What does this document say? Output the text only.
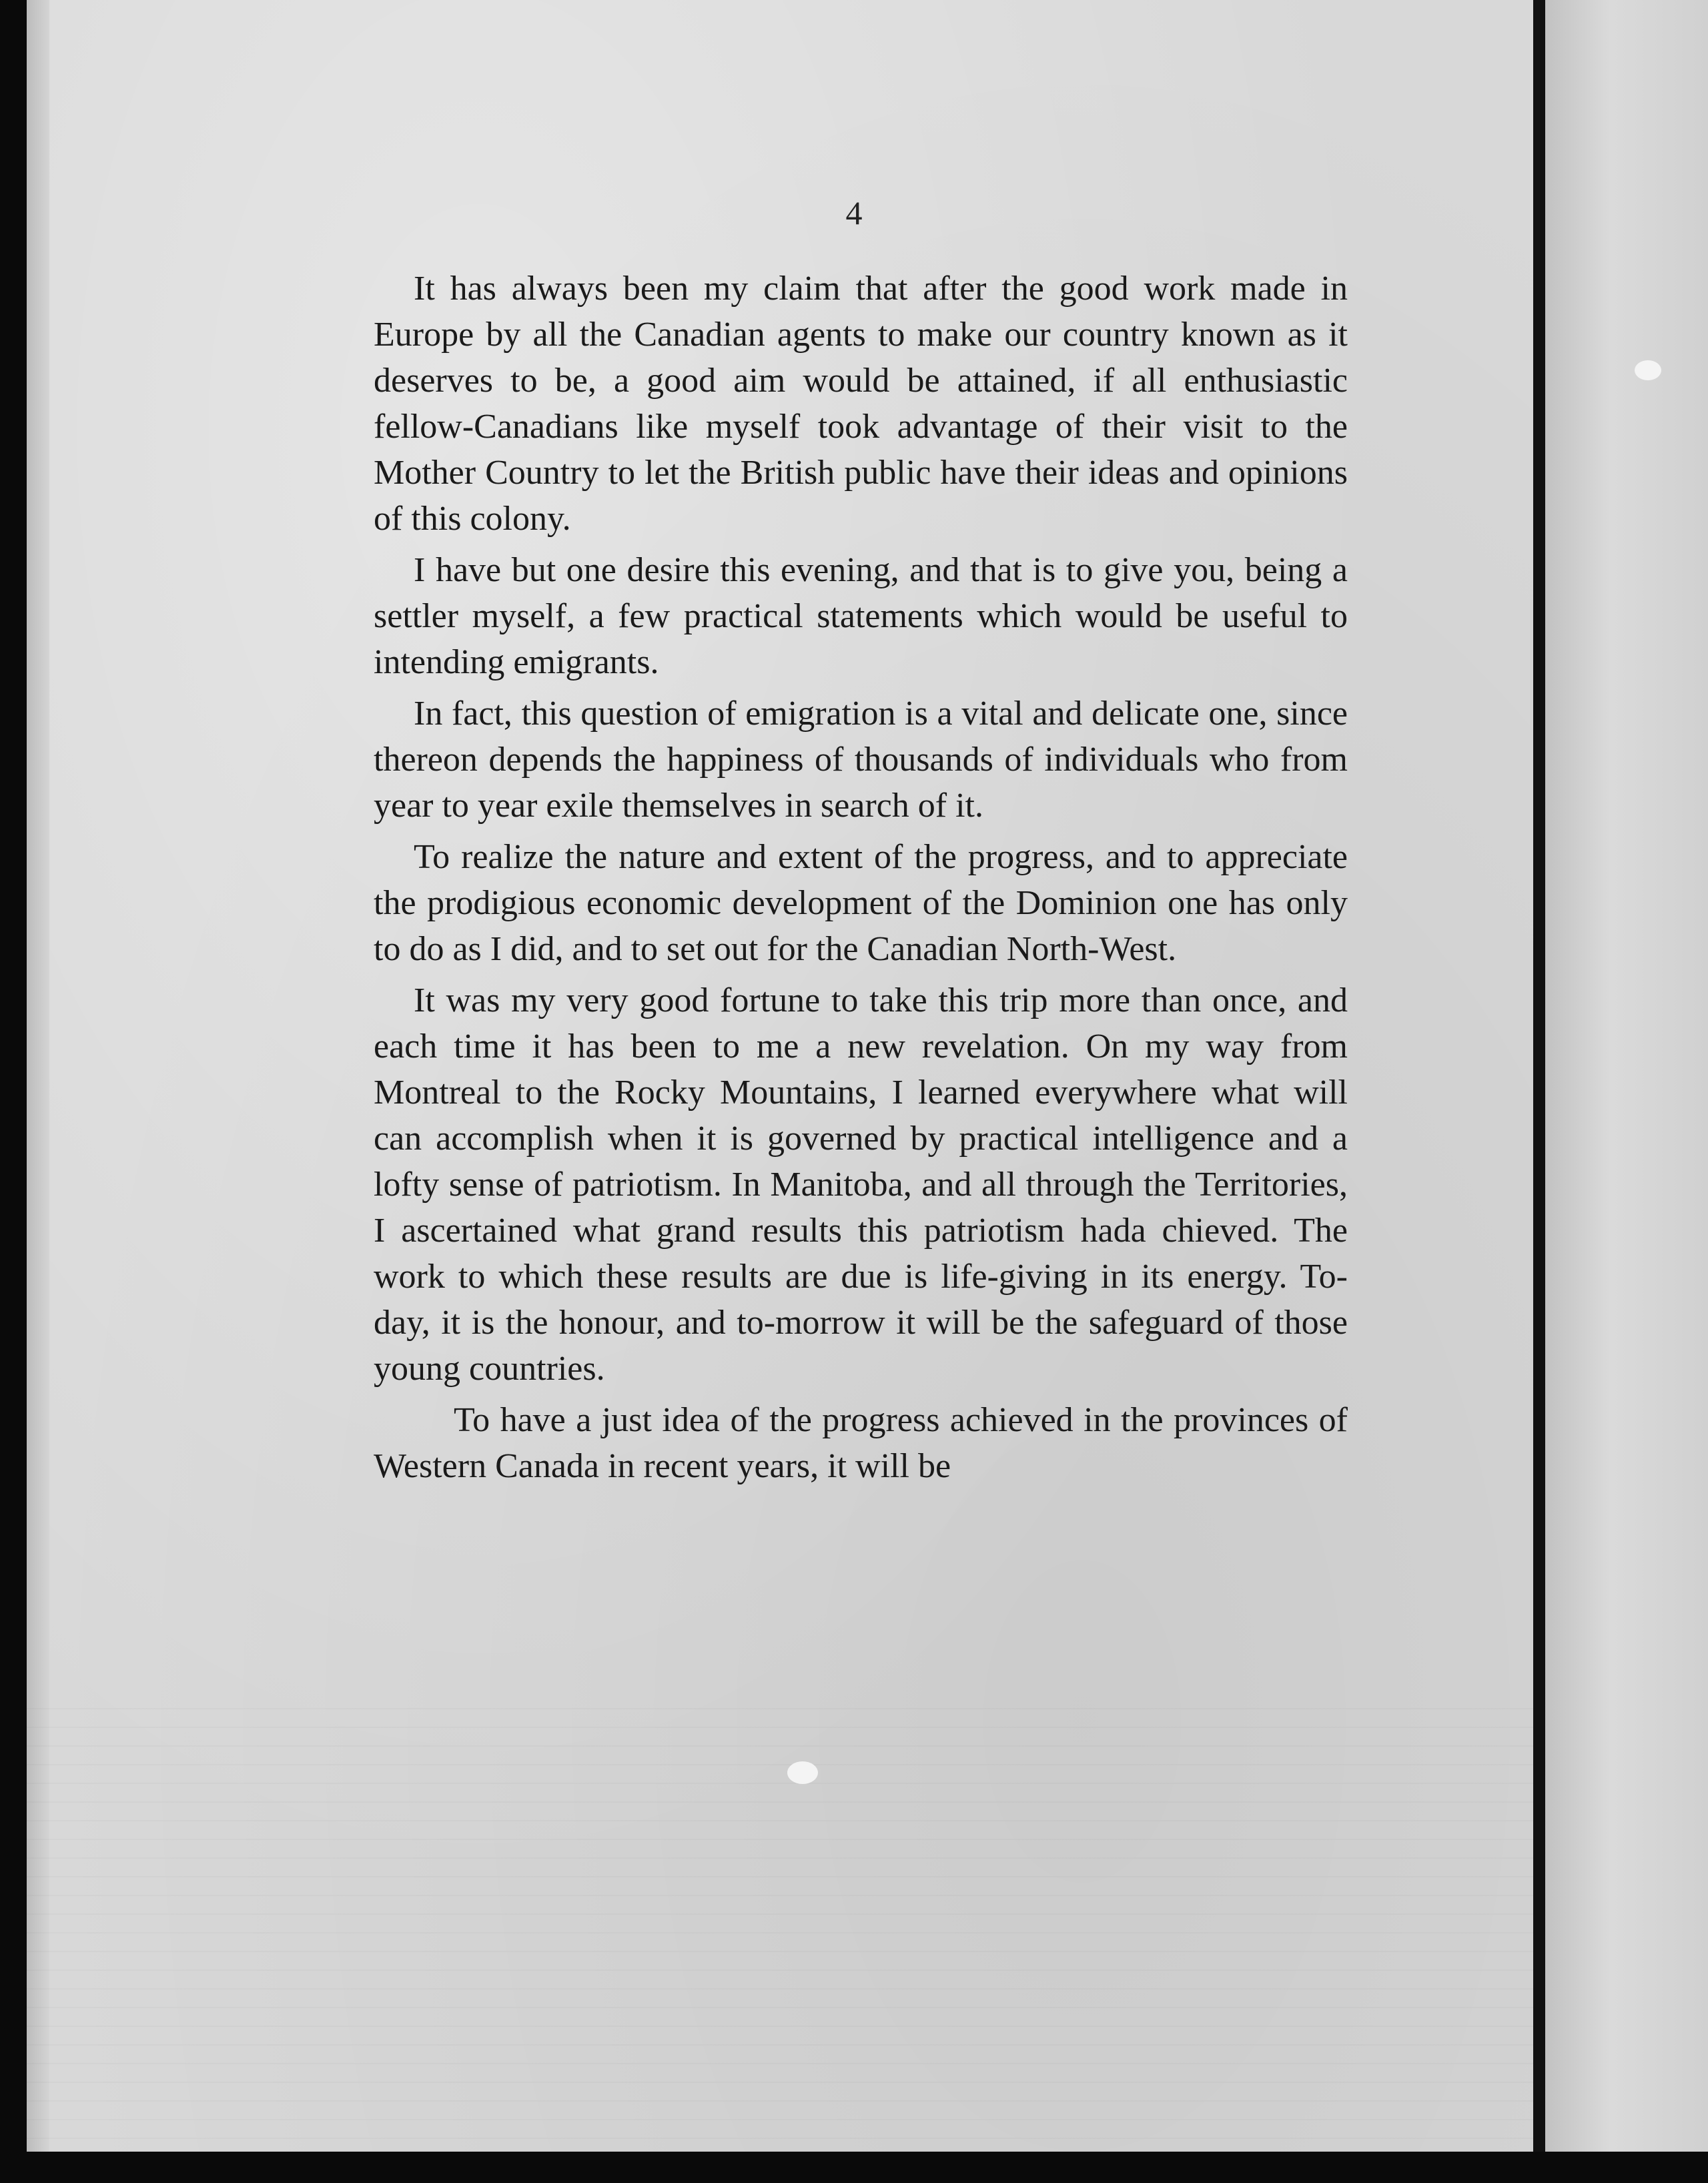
4

It has always been my claim that after the good work made in Europe by all the Canadian agents to make our country known as it deserves to be, a good aim would be attained, if all enthusiastic fellow-Canadians like myself took advantage of their visit to the Mother Country to let the British public have their ideas and opinions of this colony.

I have but one desire this evening, and that is to give you, being a settler myself, a few practical statements which would be useful to intending emigrants.

In fact, this question of emigration is a vital and delicate one, since thereon depends the happiness of thousands of individuals who from year to year exile themselves in search of it.

To realize the nature and extent of the progress, and to appreciate the prodigious economic development of the Dominion one has only to do as I did, and to set out for the Canadian North-West.

It was my very good fortune to take this trip more than once, and each time it has been to me a new revelation. On my way from Montreal to the Rocky Mountains, I learned everywhere what will can accomplish when it is governed by practical intelligence and a lofty sense of patriotism. In Manitoba, and all through the Territories, I ascertained what grand results this patriotism hada chieved. The work to which these results are due is life-giving in its energy. To-day, it is the honour, and to-morrow it will be the safeguard of those young countries.

To have a just idea of the progress achieved in the provinces of Western Canada in recent years, it will be
